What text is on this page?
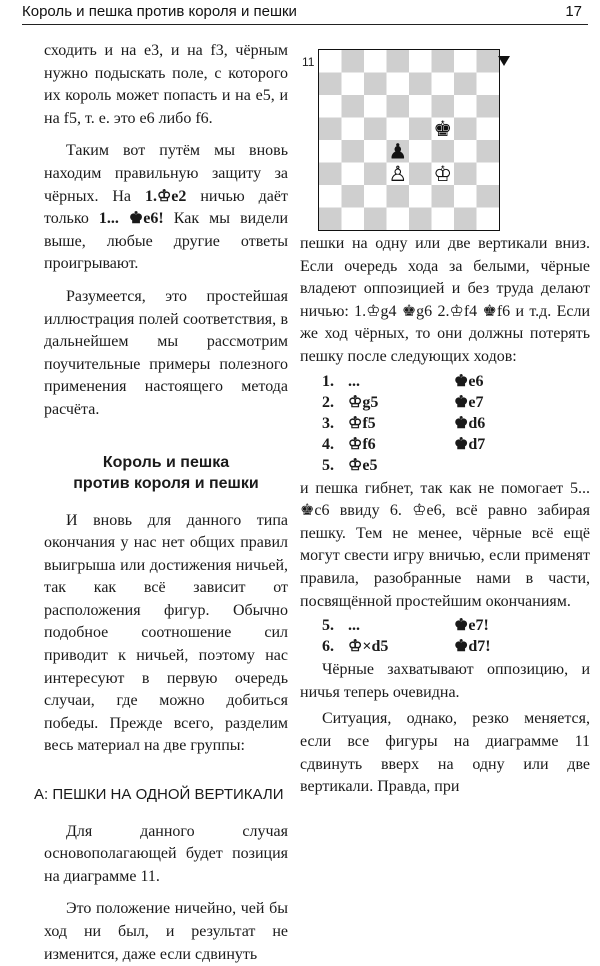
Король и пешка против короля и пешки	17

сходить и на е3, и на f3, чёрным нужно подыскать поле, с которого их король может попасть и на е5, и на f5, т. е. это е6 либо f6.

Таким вот путём мы вновь находим правильную защиту за чёрных. На 1.♔e2 ничью даёт только 1... ♚e6! Как мы видели выше, любые другие ответы проигрывают.

Разумеется, это простейшая иллюстрация полей соответствия, в дальнейшем мы рассмотрим поучительные примеры полезного применения настоящего метода расчёта.

Король и пешка
против короля и пешки

И вновь для данного типа окончания у нас нет общих правил выигрыша или достижения ничьей, так как всё зависит от расположения фигур. Обычно подобное соотношение сил приводит к ничьей, поэтому нас интересуют в первую очередь случаи, где можно добиться победы. Прежде всего, разделим весь материал на две группы:

А: ПЕШКИ НА ОДНОЙ ВЕРТИКАЛИ

Для данного случая основополагающей будет позиция на диаграмме 11.

Это положение ничейно, чей бы ход ни был, и результат не изменится, даже если сдвинуть

11
♚
♟
♙ ♔

пешки на одну или две вертикали вниз. Если очередь хода за белыми, чёрные владеют оппозицией и без труда делают ничью: 1.♔g4 ♚g6 2.♔f4 ♚f6 и т.д. Если же ход чёрных, то они должны потерять пешку после следующих ходов:

1. ...	♚e6
2. ♔g5	♚e7
3. ♔f5	♚d6
4. ♔f6	♚d7
5. ♔e5

и пешка гибнет, так как не помогает 5... ♚c6 ввиду 6. ♔e6, всё равно забирая пешку. Тем не менее, чёрные всё ещё могут свести игру вничью, если применят правила, разобранные нами в части, посвящённой простейшим окончаниям.

5. ...	♚e7!
6. ♔×d5	♚d7!

Чёрные захватывают оппозицию, и ничья теперь очевидна.

Ситуация, однако, резко меняется, если все фигуры на диаграмме 11 сдвинуть вверх на одну или две вертикали. Правда, при
